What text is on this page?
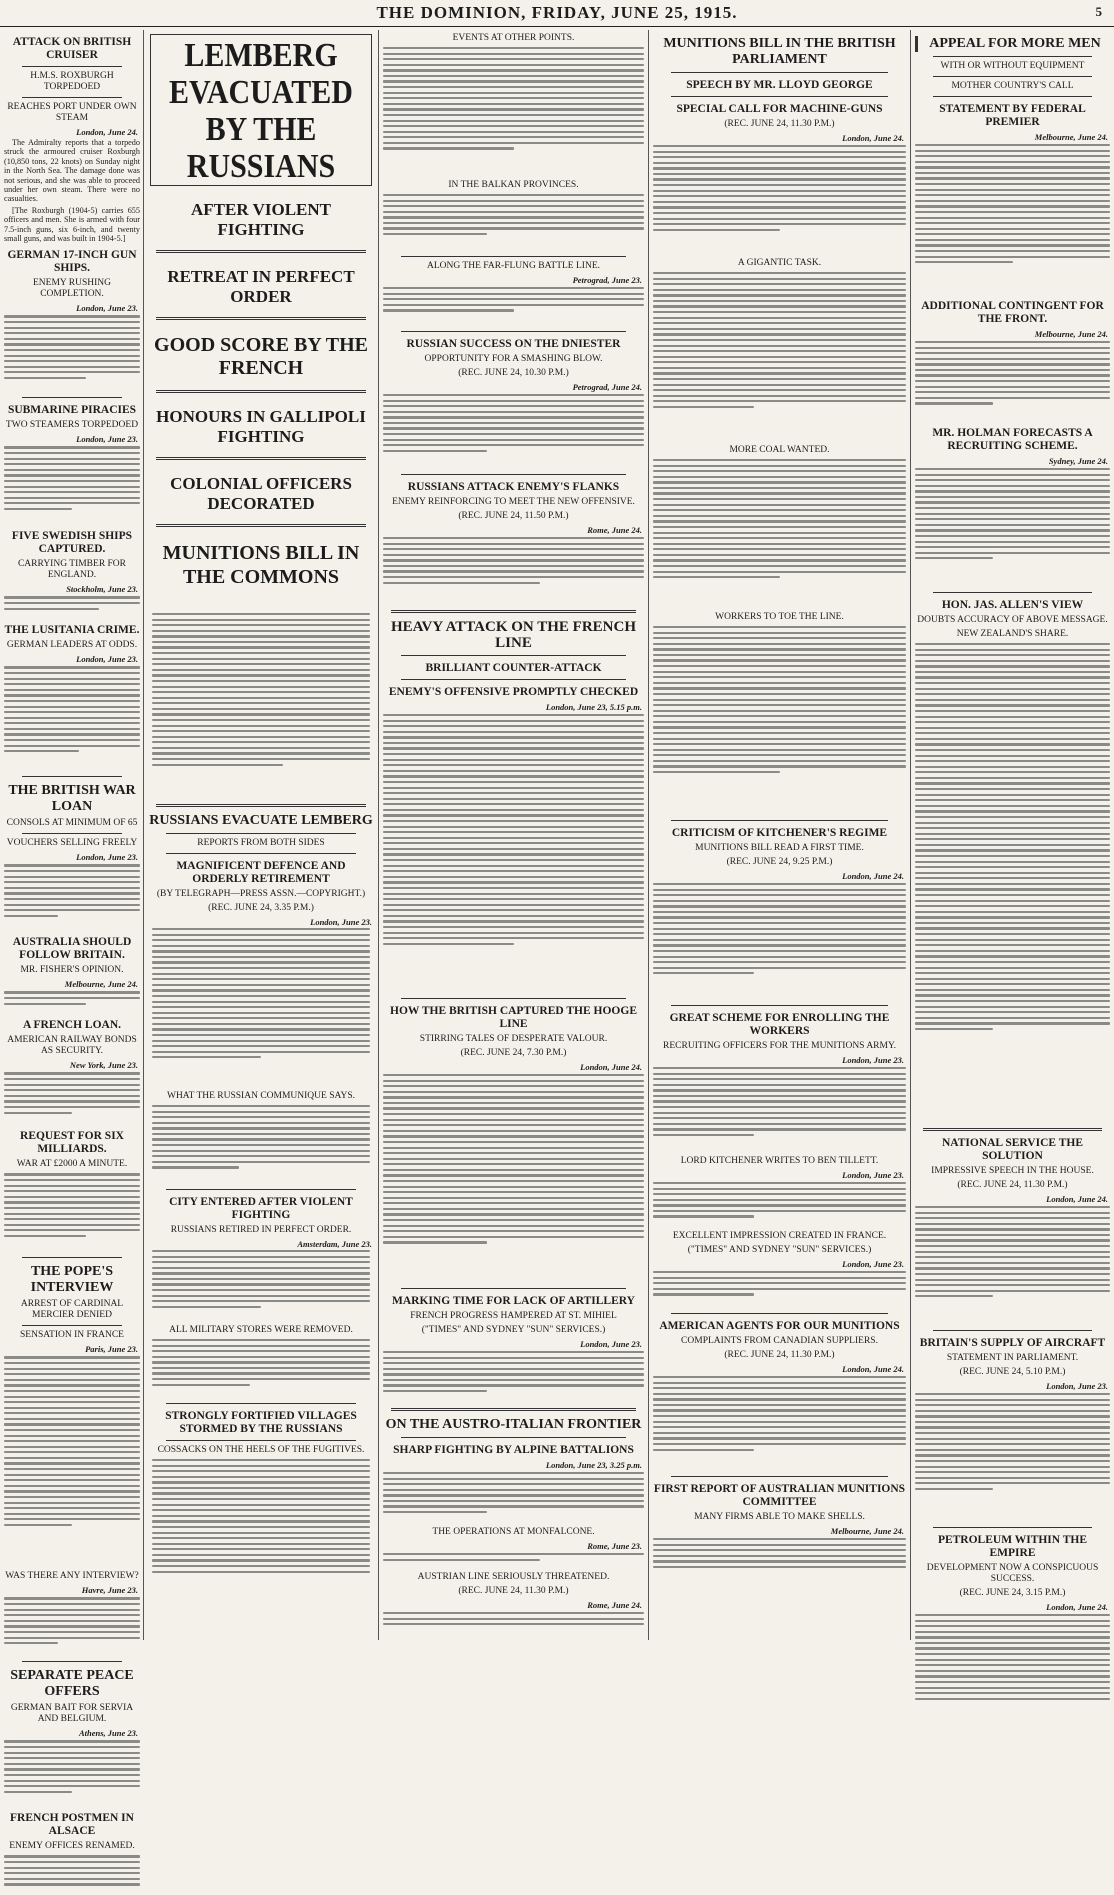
THE DOMINION, FRIDAY, JUNE 25, 1915.	5
ATTACK ON BRITISH CRUISER
H.M.S. ROXBURGH TORPEDOED
REACHES PORT UNDER OWN STEAM
London, June 24.

The Admiralty reports that a torpedo struck the armoured cruiser Roxburgh (10,850 tons, 22 knots) on Sunday night in the North Sea. The damage done was not serious, and she was able to proceed under her own steam. There were no casualties.

[The Roxburgh (1904-5) carries 655 officers and men. She is armed with four 7.5-inch guns, six 6-inch, and twenty small guns, and was built in 1904-5.]

GERMAN 17-INCH GUN SHIPS.
ENEMY RUSHING COMPLETION.
London, June 23.
SUBMARINE PIRACIES
TWO STEAMERS TORPEDOED
London, June 23.
FIVE SWEDISH SHIPS CAPTURED.
CARRYING TIMBER FOR ENGLAND.
Stockholm, June 23.
THE LUSITANIA CRIME.
GERMAN LEADERS AT ODDS.
London, June 23.
THE BRITISH WAR LOAN
CONSOLS AT MINIMUM OF 65
VOUCHERS SELLING FREELY
London, June 23.
AUSTRALIA SHOULD FOLLOW BRITAIN.
MR. FISHER'S OPINION.
Melbourne, June 24.
A FRENCH LOAN.
AMERICAN RAILWAY BONDS AS SECURITY.
New York, June 23.
REQUEST FOR SIX MILLIARDS.
WAR AT £2000 A MINUTE.
THE POPE'S INTERVIEW
ARREST OF CARDINAL MERCIER DENIED
SENSATION IN FRANCE
Paris, June 23.
WAS THERE ANY INTERVIEW?
Havre, June 23.
SEPARATE PEACE OFFERS
GERMAN BAIT FOR SERVIA AND BELGIUM.
Athens, June 23.
FRENCH POSTMEN IN ALSACE
ENEMY OFFICES RENAMED.
LEMBERG EVACUATED BY THE RUSSIANS
AFTER VIOLENT FIGHTING
RETREAT IN PERFECT ORDER
GOOD SCORE BY THE FRENCH
HONOURS IN GALLIPOLI FIGHTING
COLONIAL OFFICERS DECORATED
MUNITIONS BILL IN THE COMMONS
RUSSIANS EVACUATE LEMBERG
REPORTS FROM BOTH SIDES
MAGNIFICENT DEFENCE AND ORDERLY RETIREMENT
(BY TELEGRAPH—PRESS ASSN.—COPYRIGHT.)
(REC. JUNE 24, 3.35 P.M.)
London, June 23.
WHAT THE RUSSIAN COMMUNIQUE SAYS.
CITY ENTERED AFTER VIOLENT FIGHTING
RUSSIANS RETIRED IN PERFECT ORDER.
Amsterdam, June 23.
ALL MILITARY STORES WERE REMOVED.
STRONGLY FORTIFIED VILLAGES STORMED BY THE RUSSIANS
COSSACKS ON THE HEELS OF THE FUGITIVES.
EVENTS AT OTHER POINTS.
IN THE BALKAN PROVINCES.
ALONG THE FAR-FLUNG BATTLE LINE.
Petrograd, June 23.
RUSSIAN SUCCESS ON THE DNIESTER
OPPORTUNITY FOR A SMASHING BLOW.
(REC. JUNE 24, 10.30 P.M.)
Petrograd, June 24.
RUSSIANS ATTACK ENEMY'S FLANKS
ENEMY REINFORCING TO MEET THE NEW OFFENSIVE.
(REC. JUNE 24, 11.50 P.M.)
Rome, June 24.
HEAVY ATTACK ON THE FRENCH LINE
BRILLIANT COUNTER-ATTACK
ENEMY'S OFFENSIVE PROMPTLY CHECKED
London, June 23, 5.15 p.m.
HOW THE BRITISH CAPTURED THE HOOGE LINE
STIRRING TALES OF DESPERATE VALOUR.
(REC. JUNE 24, 7.30 P.M.)
London, June 24.
MARKING TIME FOR LACK OF ARTILLERY
FRENCH PROGRESS HAMPERED AT ST. MIHIEL
("TIMES" AND SYDNEY "SUN" SERVICES.)
London, June 23.
ON THE AUSTRO-ITALIAN FRONTIER
SHARP FIGHTING BY ALPINE BATTALIONS
London, June 23, 3.25 p.m.
THE OPERATIONS AT MONFALCONE.
Rome, June 23.
AUSTRIAN LINE SERIOUSLY THREATENED.
(REC. JUNE 24, 11.30 P.M.)
Rome, June 24.
MUNITIONS BILL IN THE BRITISH PARLIAMENT
SPEECH BY MR. LLOYD GEORGE
SPECIAL CALL FOR MACHINE-GUNS
(REC. JUNE 24, 11.30 P.M.)
London, June 24.
A GIGANTIC TASK.
MORE COAL WANTED.
WORKERS TO TOE THE LINE.
CRITICISM OF KITCHENER'S REGIME
MUNITIONS BILL READ A FIRST TIME.
(REC. JUNE 24, 9.25 P.M.)
London, June 24.
GREAT SCHEME FOR ENROLLING THE WORKERS
RECRUITING OFFICERS FOR THE MUNITIONS ARMY.
London, June 23.
LORD KITCHENER WRITES TO BEN TILLETT.
London, June 23.
EXCELLENT IMPRESSION CREATED IN FRANCE.
("TIMES" AND SYDNEY "SUN" SERVICES.)
London, June 23.
AMERICAN AGENTS FOR OUR MUNITIONS
COMPLAINTS FROM CANADIAN SUPPLIERS.
(REC. JUNE 24, 11.30 P.M.)
London, June 24.
FIRST REPORT OF AUSTRALIAN MUNITIONS COMMITTEE
MANY FIRMS ABLE TO MAKE SHELLS.
Melbourne, June 24.
APPEAL FOR MORE MEN
WITH OR WITHOUT EQUIPMENT
MOTHER COUNTRY'S CALL
STATEMENT BY FEDERAL PREMIER
Melbourne, June 24.
ADDITIONAL CONTINGENT FOR THE FRONT.
Melbourne, June 24.
MR. HOLMAN FORECASTS A RECRUITING SCHEME.
Sydney, June 24.
HON. JAS. ALLEN'S VIEW
DOUBTS ACCURACY OF ABOVE MESSAGE.
NEW ZEALAND'S SHARE.
NATIONAL SERVICE THE SOLUTION
IMPRESSIVE SPEECH IN THE HOUSE.
(REC. JUNE 24, 11.30 P.M.)
London, June 24.
BRITAIN'S SUPPLY OF AIRCRAFT
STATEMENT IN PARLIAMENT.
(REC. JUNE 24, 5.10 P.M.)
London, June 23.
PETROLEUM WITHIN THE EMPIRE
DEVELOPMENT NOW A CONSPICUOUS SUCCESS.
(REC. JUNE 24, 3.15 P.M.)
London, June 24.
